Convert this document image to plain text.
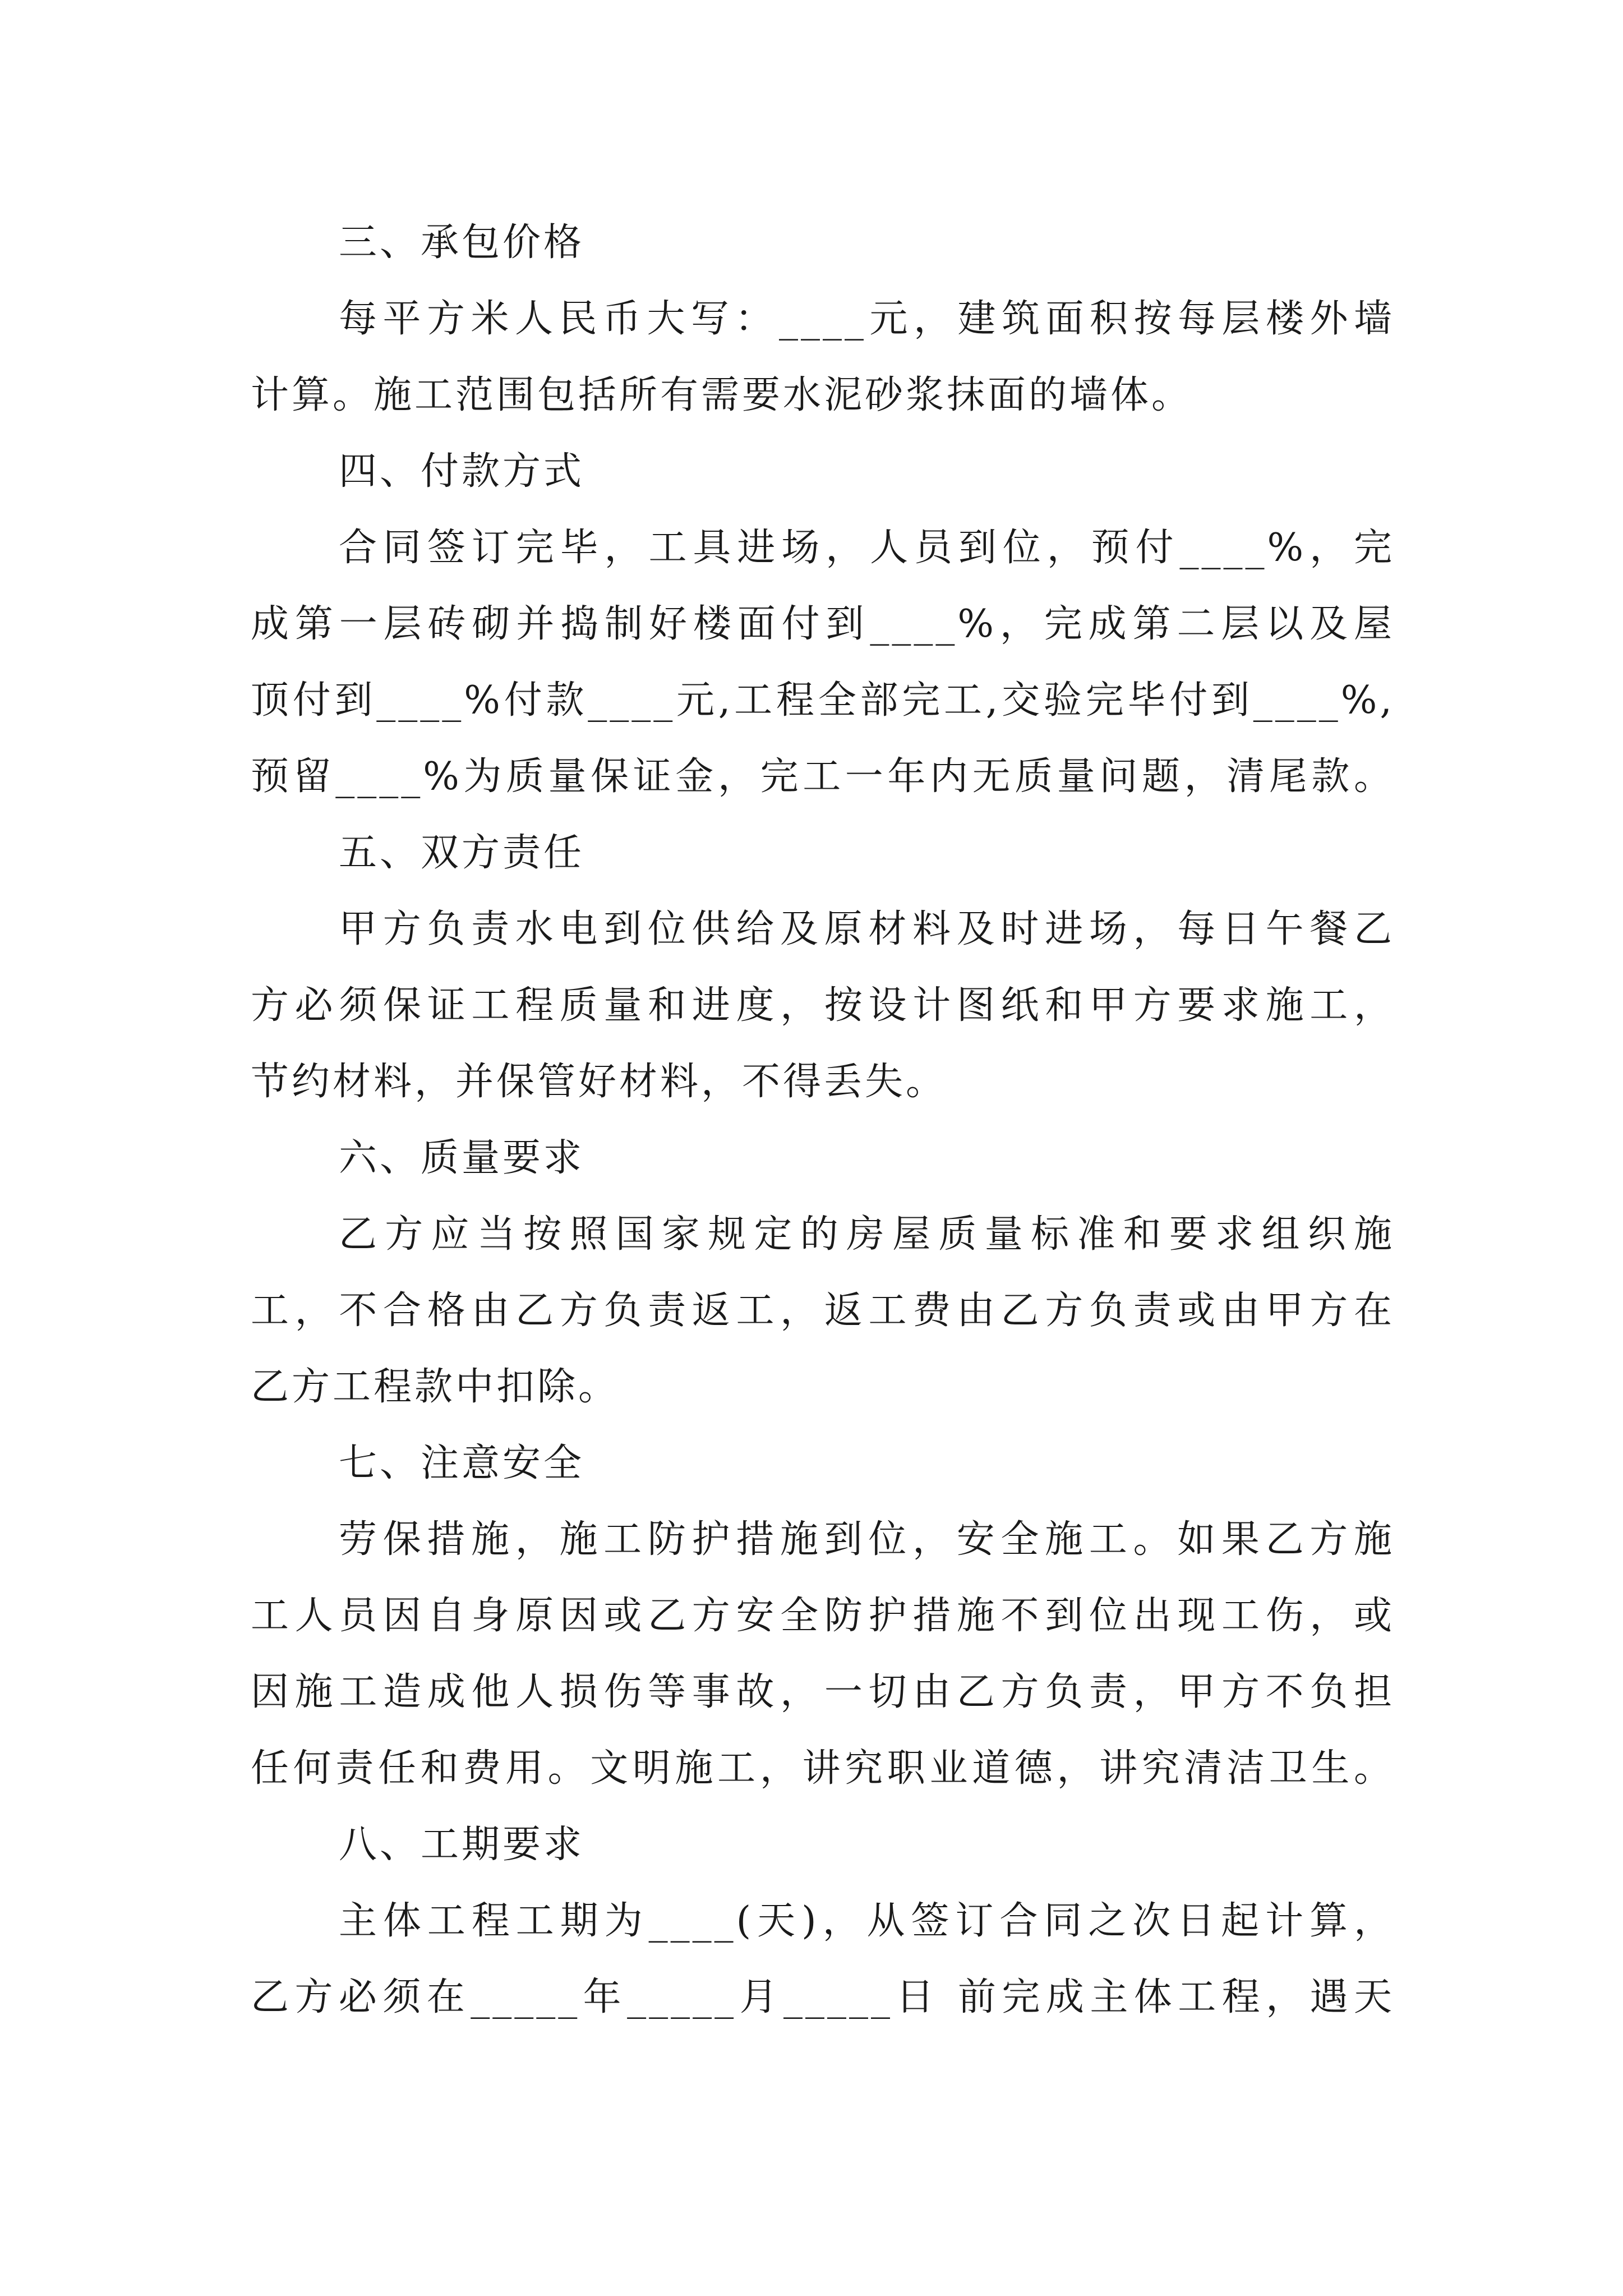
三、承包价格
每平方米人民币大写：____元，建筑面积按每层楼外墙
计算。施工范围包括所有需要水泥砂浆抹面的墙体。
四、付款方式
合同签订完毕，工具进场，人员到位，预付____%，完
成第一层砖砌并捣制好楼面付到____%，完成第二层以及屋
顶付到____%付款____元,工程全部完工,交验完毕付到____%,
预留____%为质量保证金，完工一年内无质量问题，清尾款。
五、双方责任
甲方负责水电到位供给及原材料及时进场，每日午餐乙
方必须保证工程质量和进度，按设计图纸和甲方要求施工，
节约材料，并保管好材料，不得丢失。
六、质量要求
乙方应当按照国家规定的房屋质量标准和要求组织施
工，不合格由乙方负责返工，返工费由乙方负责或由甲方在
乙方工程款中扣除。
七、注意安全
劳保措施，施工防护措施到位，安全施工。如果乙方施
工人员因自身原因或乙方安全防护措施不到位出现工伤，或
因施工造成他人损伤等事故，一切由乙方负责，甲方不负担
任何责任和费用。文明施工，讲究职业道德，讲究清洁卫生。
八、工期要求
主体工程工期为____(天)，从签订合同之次日起计算，
乙方必须在_____年_____月_____日 前完成主体工程，遇天
